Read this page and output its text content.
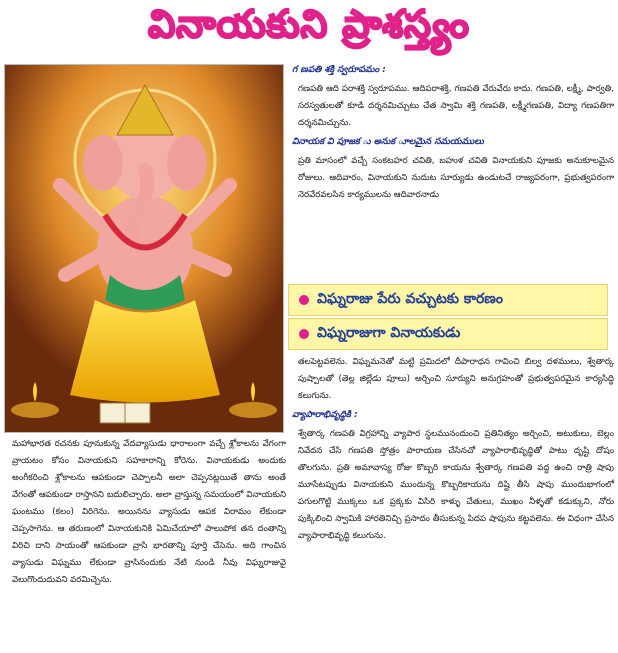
వినాయకుని ప్రాశస్త్యం
గ ణపతి శక్తి స్వరూపమం :

గణపతి ఆది పరాశక్తి స్వరూపము. ఆదిపరాశక్తి, గణపతి వేరువేరు కాదు. గణపతి, లక్ష్మీ, పార్వతి, సరస్వతులతో కూడి దర్శనమిచ్చుటు చేత స్వామి శక్తి గణపతి, లక్ష్మీగణపతి, విద్యా గణపతిగా దర్శనమిచ్చును.

వినాయక వి పూజక ు అనుక ూలమైన సమయములు

ప్రతి మాసంలో వచ్చే సంకటహర చవితి, బహుళ చవితి వినాయకుని పూజకు అనుకూలమైన రోజులు. ఆదివారం, వినాయకుని నుదుట సూర్యుడు ఉండుటచే రాజ్యపరంగా, ప్రభుత్వపరంగా నెరవేరవలసిన కార్యములను ఆదివారనాడు

విఘ్నరాజు పేరు వచ్చుటకు కారణం
విఘ్నరాజుగా వినాయకుడు

తలపెట్టవలెను. విఘ్నమనెతో మట్టి ప్రమిదలో దీపారాధన గావించి బిల్వ దళములు, శ్వేతార్క పుష్పాలతో (తెల్ల జిల్లేడు పూలు) అర్చించి సూర్యుని అనుగ్రహంతో ప్రభుత్వపరమైన కార్యసిద్ధి కలుగును.

వ్యాపారాభివృద్ధికి :

శ్వేతార్క గణపతి విగ్రహాన్ని వ్యాపార స్థలమునందుంచి ప్రతినిత్యం అర్చించి, అటుకులు, బెల్లం నివేదన చేసి గణపతి స్తోత్రం పారాయణ చేసినచో వ్యాపారాభివృద్ధితో పాటు దృష్టి దోషం తొలగును. ప్రతి అమావాస్య రోజు కొబ్బరి కాయను శ్వేతార్క గణపతి వద్ద ఉంచి రాత్రి షాపు మూసేటప్పుడు వినాయకుని ముందున్న కొబ్బరికాయను దిష్టి తీసి షాపు ముందుభాగంలో పగులగొట్టి ముక్కలు ఒక ప్రక్కకు విసిరి కాళ్ళు చేతులు, ముఖం నీళ్ళతో కడుక్కుని, నోరు పుక్కిలించి స్వామికి హారతినిచ్చి ప్రసాదం తీసుకున్న పిదప షాపును కట్టవలెను. ఈ విధంగా చేసిన వ్యాపారాభివృద్ధి కలుగును.

మహాభారత రచనకు పూనుకున్న వేదవ్యాసుడు ధారాలంగా వచ్చే శ్లోకాలను వేగంగా వ్రాయటం కోసం వినాయకుని సహకారాన్ని కోరెను. వినాయకుడు అందుకు అంగీకరించి శ్లోకాలను ఆపకుండా చెప్పాలనీ అలా చెప్పనట్లయితే తాను అంతే వేగంతో ఆపకుండా రాస్తానని బదులిచ్చారు. అలా వ్రాస్తున్న సమయంలో వినాయకుని ఘంటము (కలం) విరిగెను. అయినను వ్యాసుడు ఆపక విరామం లేకుండా చెప్పసాగెను. ఆ తరుణంలో వినాయకునికి ఏమిచేయాలో పాలుపోక తన దంతాన్ని విరిచి దాని సాయంతో ఆపకుండా వ్రాసి భారతాన్ని పూర్తి చేసెను. అది గాంచిన వ్యాసుడు విఘ్నము లేకుండా వ్రాసినందుకు నేటి నుండి నీవు విఘ్నరాజువై వెలుగొందుదువని వరమిచ్చెను.
